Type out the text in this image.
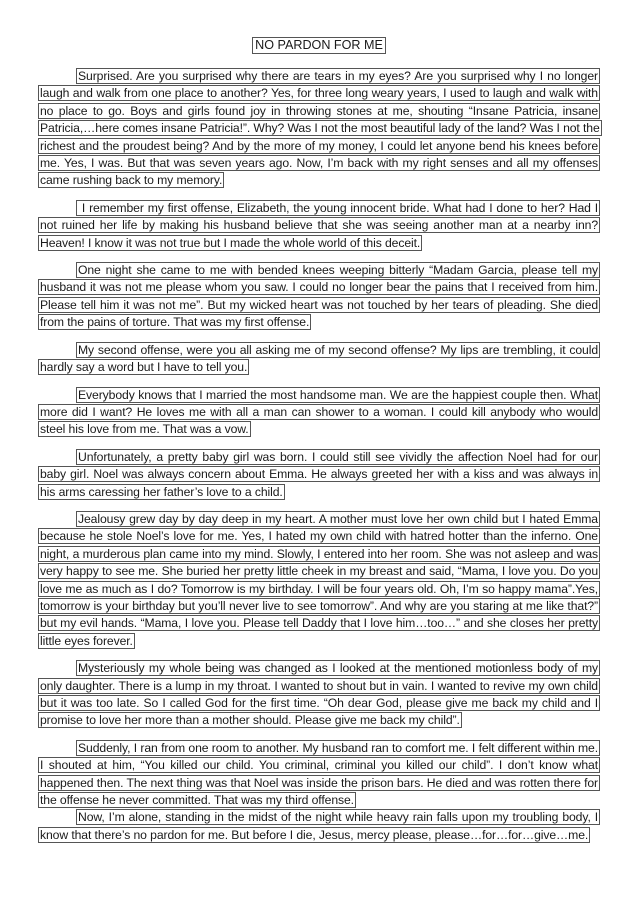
NO PARDON FOR ME

Surprised. Are you surprised why there are tears in my eyes? Are you surprised why I no longer laugh and walk from one place to another? Yes, for three long weary years, I used to laugh and walk with no place to go. Boys and girls found joy in throwing stones at me, shouting “Insane Patricia, insane Patricia,…here comes insane Patricia!”. Why? Was I not the most beautiful lady of the land? Was I not the richest and the proudest being? And by the more of my money, I could let anyone bend his knees before me. Yes, I was. But that was seven years ago. Now, I’m back with my right senses and all my offenses came rushing back to my memory.

I remember my first offense, Elizabeth, the young innocent bride. What had I done to her? Had I not ruined her life by making his husband believe that she was seeing another man at a nearby inn? Heaven! I know it was not true but I made the whole world of this deceit.

One night she came to me with bended knees weeping bitterly “Madam Garcia, please tell my husband it was not me please whom you saw. I could no longer bear the pains that I received from him. Please tell him it was not me”. But my wicked heart was not touched by her tears of pleading. She died from the pains of torture. That was my first offense.

My second offense, were you all asking me of my second offense? My lips are trembling, it could hardly say a word but I have to tell you.

Everybody knows that I married the most handsome man. We are the happiest couple then. What more did I want? He loves me with all a man can shower to a woman. I could kill anybody who would steel his love from me. That was a vow.

Unfortunately, a pretty baby girl was born. I could still see vividly the affection Noel had for our baby girl. Noel was always concern about Emma. He always greeted her with a kiss and was always in his arms caressing her father’s love to a child.

Jealousy grew day by day deep in my heart. A mother must love her own child but I hated Emma because he stole Noel’s love for me. Yes, I hated my own child with hatred hotter than the inferno. One night, a murderous plan came into my mind. Slowly, I entered into her room. She was not asleep and was very happy to see me. She buried her pretty little cheek in my breast and said, “Mama, I love you. Do you love me as much as I do? Tomorrow is my birthday. I will be four years old. Oh, I’m so happy mama”.Yes, tomorrow is your birthday but you’ll never live to see tomorrow”. And why are you staring at me like that?” but my evil hands. “Mama, I love you. Please tell Daddy that I love him…too…” and she closes her pretty little eyes forever.

Mysteriously my whole being was changed as I looked at the mentioned motionless body of my only daughter. There is a lump in my throat. I wanted to shout but in vain. I wanted to revive my own child but it was too late. So I called God for the first time. “Oh dear God, please give me back my child and I promise to love her more than a mother should. Please give me back my child”.

Suddenly, I ran from one room to another. My husband ran to comfort me. I felt different within me. I shouted at him, “You killed our child. You criminal, criminal you killed our child”. I don’t know what happened then. The next thing was that Noel was inside the prison bars. He died and was rotten there for the offense he never committed. That was my third offense.

Now, I’m alone, standing in the midst of the night while heavy rain falls upon my troubling body, I know that there’s no pardon for me. But before I die, Jesus, mercy please, please…for…for…give…me.
